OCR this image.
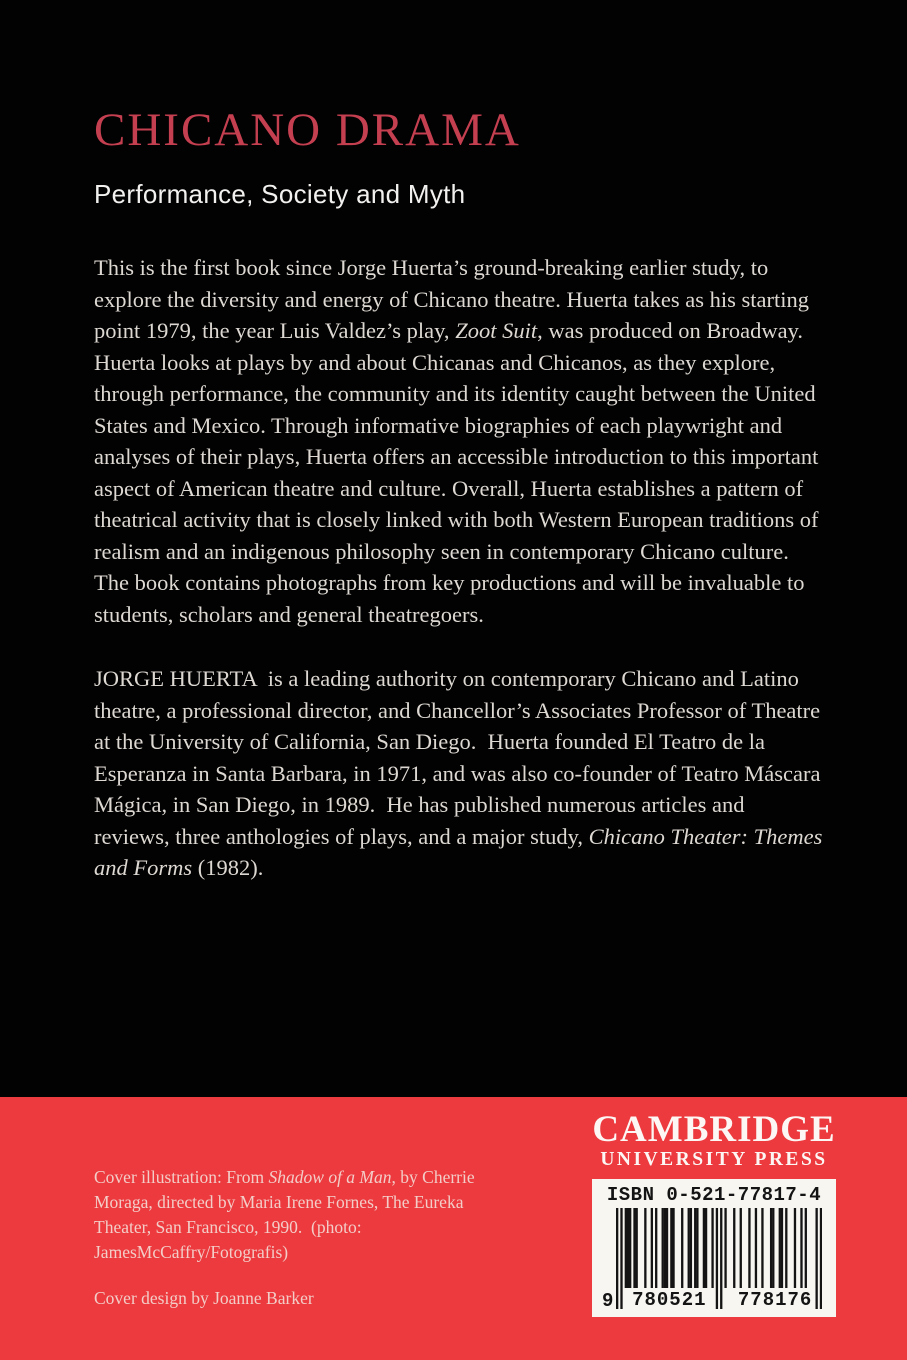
CHICANO DRAMA
Performance, Society and Myth

This is the first book since Jorge Huerta’s ground-breaking earlier study, to explore the diversity and energy of Chicano theatre. Huerta takes as his starting point 1979, the year Luis Valdez’s play, Zoot Suit, was produced on Broadway. Huerta looks at plays by and about Chicanas and Chicanos, as they explore, through performance, the community and its identity caught between the United States and Mexico. Through informative biographies of each playwright and analyses of their plays, Huerta offers an accessible introduction to this important aspect of American theatre and culture. Overall, Huerta establishes a pattern of theatrical activity that is closely linked with both Western European traditions of realism and an indigenous philosophy seen in contemporary Chicano culture.  The book contains photographs from key productions and will be invaluable to students, scholars and general theatregoers.

JORGE HUERTA  is a leading authority on contemporary Chicano and Latino theatre, a professional director, and Chancellor’s Associates Professor of Theatre at the University of California, San Diego.  Huerta founded El Teatro de la Esperanza in Santa Barbara, in 1971, and was also co-founder of Teatro Máscara Mágica, in San Diego, in 1989.  He has published numerous articles and reviews, three anthologies of plays, and a major study, Chicano Theater: Themes and Forms (1982).

Cover illustration: From Shadow of a Man, by Cherrie Moraga, directed by Maria Irene Fornes, The Eureka Theater, San Francisco, 1990.  (photo: JamesMcCaffry/Fotografis)

Cover design by Joanne Barker

CAMBRIDGE
UNIVERSITY PRESS
ISBN 0-521-77817-4
9 780521	778176
